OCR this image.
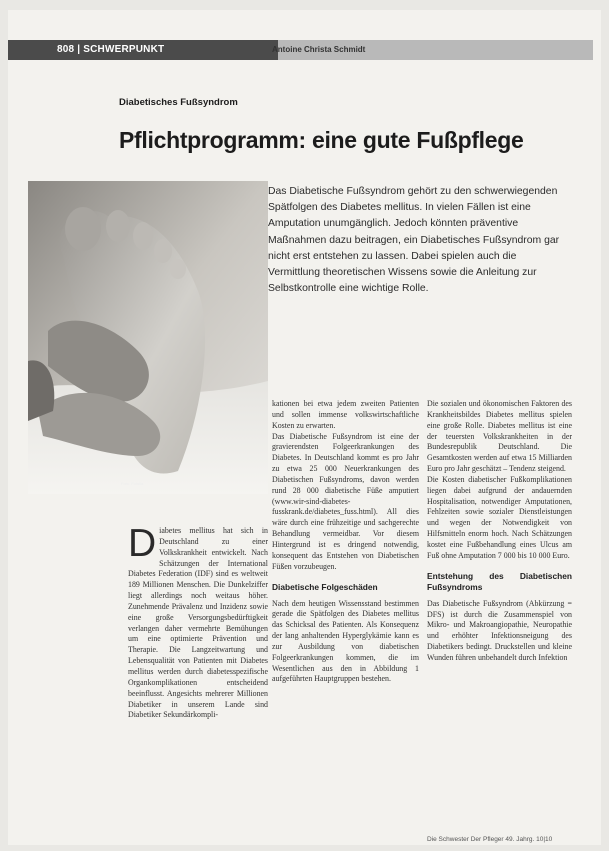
808 | SCHWERPUNKT	Antoine Christa Schmidt
Diabetisches Fußsyndrom
Pflichtprogramm: eine gute Fußpflege
Foto: Fotolia
Das Diabetische Fußsyndrom gehört zu den schwerwiegenden Spätfolgen des Diabetes mellitus. In vielen Fällen ist eine Amputation unumgänglich. Jedoch könnten präventive Maßnahmen dazu beitragen, ein Diabetisches Fußsyndrom gar nicht erst entstehen zu lassen. Dabei spielen auch die Vermittlung theoretischen Wissens sowie die Anleitung zur Selbstkontrolle eine wichtige Rolle.

Diabetes mellitus hat sich in Deutschland zu einer Volkskrankheit entwickelt. Nach Schätzungen der International Diabetes Federation (IDF) sind es weltweit 189 Millionen Menschen. Die Dunkelziffer liegt allerdings noch weitaus höher. Zunehmende Prävalenz und Inzidenz sowie eine große Versorgungsbedürftigkeit verlangen daher vermehrte Bemühungen um eine optimierte Prävention und Therapie. Die Langzeitwartung und Lebensqualität von Patienten mit Diabetes mellitus werden durch diabetesspezifische Organkomplikationen entscheidend beeinflusst. Angesichts mehrerer Millionen Diabetiker in unserem Lande sind Diabetiker Sekundärkompli-

kationen bei etwa jedem zweiten Patienten und sollen immense volkswirtschaftliche Kosten zu erwarten.

Das Diabetische Fußsyndrom ist eine der gravierendsten Folgeerkrankungen des Diabetes. In Deutschland kommt es pro Jahr zu etwa 25 000 Neuerkrankungen des Diabetischen Fußsyndroms, davon werden rund 28 000 diabetische Füße amputiert (www.wir-sind-diabetes-fusskrank.de/diabetes_fuss.html). All dies wäre durch eine frühzeitige und sachgerechte Behandlung vermeidbar. Vor diesem Hintergrund ist es dringend notwendig, konsequent das Entstehen von Diabetischen Füßen vorzubeugen.

Diabetische Folgeschäden

Nach dem heutigen Wissensstand bestimmen gerade die Spätfolgen des Diabetes mellitus das Schicksal des Patienten. Als Konsequenz der lang anhaltenden Hyperglykämie kann es zur Ausbildung von diabetischen Folgeerkrankungen kommen, die im Wesentlichen aus den in Abbildung 1 aufgeführten Hauptgruppen bestehen.

Die sozialen und ökonomischen Faktoren des Krankheitsbildes Diabetes mellitus spielen eine große Rolle. Diabetes mellitus ist eine der teuersten Volkskrankheiten in der Bundesrepublik Deutschland. Die Gesamtkosten werden auf etwa 15 Milliarden Euro pro Jahr geschätzt – Tendenz steigend.

Die Kosten diabetischer Fußkomplikationen liegen dabei aufgrund der andauernden Hospitalisation, notwendiger Amputationen, Fehlzeiten sowie sozialer Dienstleistungen und wegen der Notwendigkeit von Hilfsmitteln enorm hoch. Nach Schätzungen kostet eine Fußbehandlung eines Ulcus am Fuß ohne Amputation 7 000 bis 10 000 Euro.

Entstehung des Diabetischen Fußsyndroms

Das Diabetische Fußsyndrom (Abkürzung = DFS) ist durch die Zusammenspiel von Mikro- und Makroangiopathie, Neuropathie und erhöhter Infektionsneigung des Diabetikers bedingt. Druckstellen und kleine Wunden führen unbehandelt durch Infektion

Die Schwester Der Pfleger 49. Jahrg. 10|10
